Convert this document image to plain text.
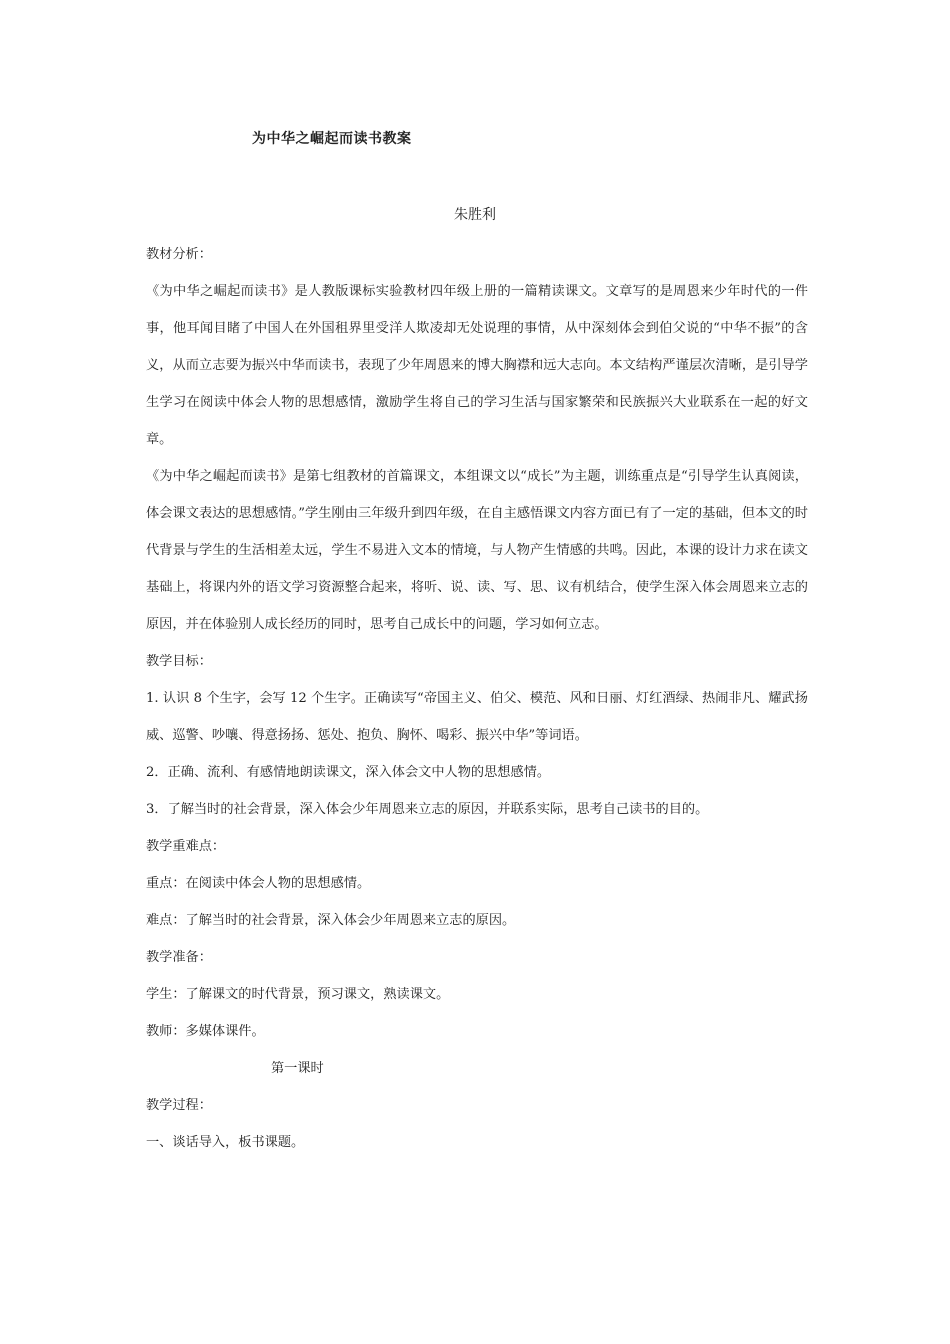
为中华之崛起而读书教案
朱胜利

教材分析：

《为中华之崛起而读书》是人教版课标实验教材四年级上册的一篇精读课文。文章写的是周恩来少年时代的一件事，他耳闻目睹了中国人在外国租界里受洋人欺凌却无处说理的事情，从中深刻体会到伯父说的“中华不振”的含义，从而立志要为振兴中华而读书，表现了少年周恩来的博大胸襟和远大志向。本文结构严谨层次清晰，是引导学生学习在阅读中体会人物的思想感情，激励学生将自己的学习生活与国家繁荣和民族振兴大业联系在一起的好文章。

《为中华之崛起而读书》是第七组教材的首篇课文，本组课文以“成长”为主题，训练重点是“引导学生认真阅读，体会课文表达的思想感情。”学生刚由三年级升到四年级，在自主感悟课文内容方面已有了一定的基础，但本文的时代背景与学生的生活相差太远，学生不易进入文本的情境，与人物产生情感的共鸣。因此，本课的设计力求在读文基础上，将课内外的语文学习资源整合起来，将听、说、读、写、思、议有机结合，使学生深入体会周恩来立志的原因，并在体验别人成长经历的同时，思考自己成长中的问题，学习如何立志。

教学目标：

1. 认识 8 个生字，会写 12 个生字。正确读写“帝国主义、伯父、模范、风和日丽、灯红酒绿、热闹非凡、耀武扬威、巡警、吵嚷、得意扬扬、惩处、抱负、胸怀、喝彩、振兴中华”等词语。

2．正确、流利、有感情地朗读课文，深入体会文中人物的思想感情。

3．了解当时的社会背景，深入体会少年周恩来立志的原因，并联系实际，思考自己读书的目的。

教学重难点：

重点：在阅读中体会人物的思想感情。

难点：了解当时的社会背景，深入体会少年周恩来立志的原因。

教学准备：

学生：了解课文的时代背景，预习课文，熟读课文。

教师：多媒体课件。

第一课时

教学过程：

一、谈话导入，板书课题。
